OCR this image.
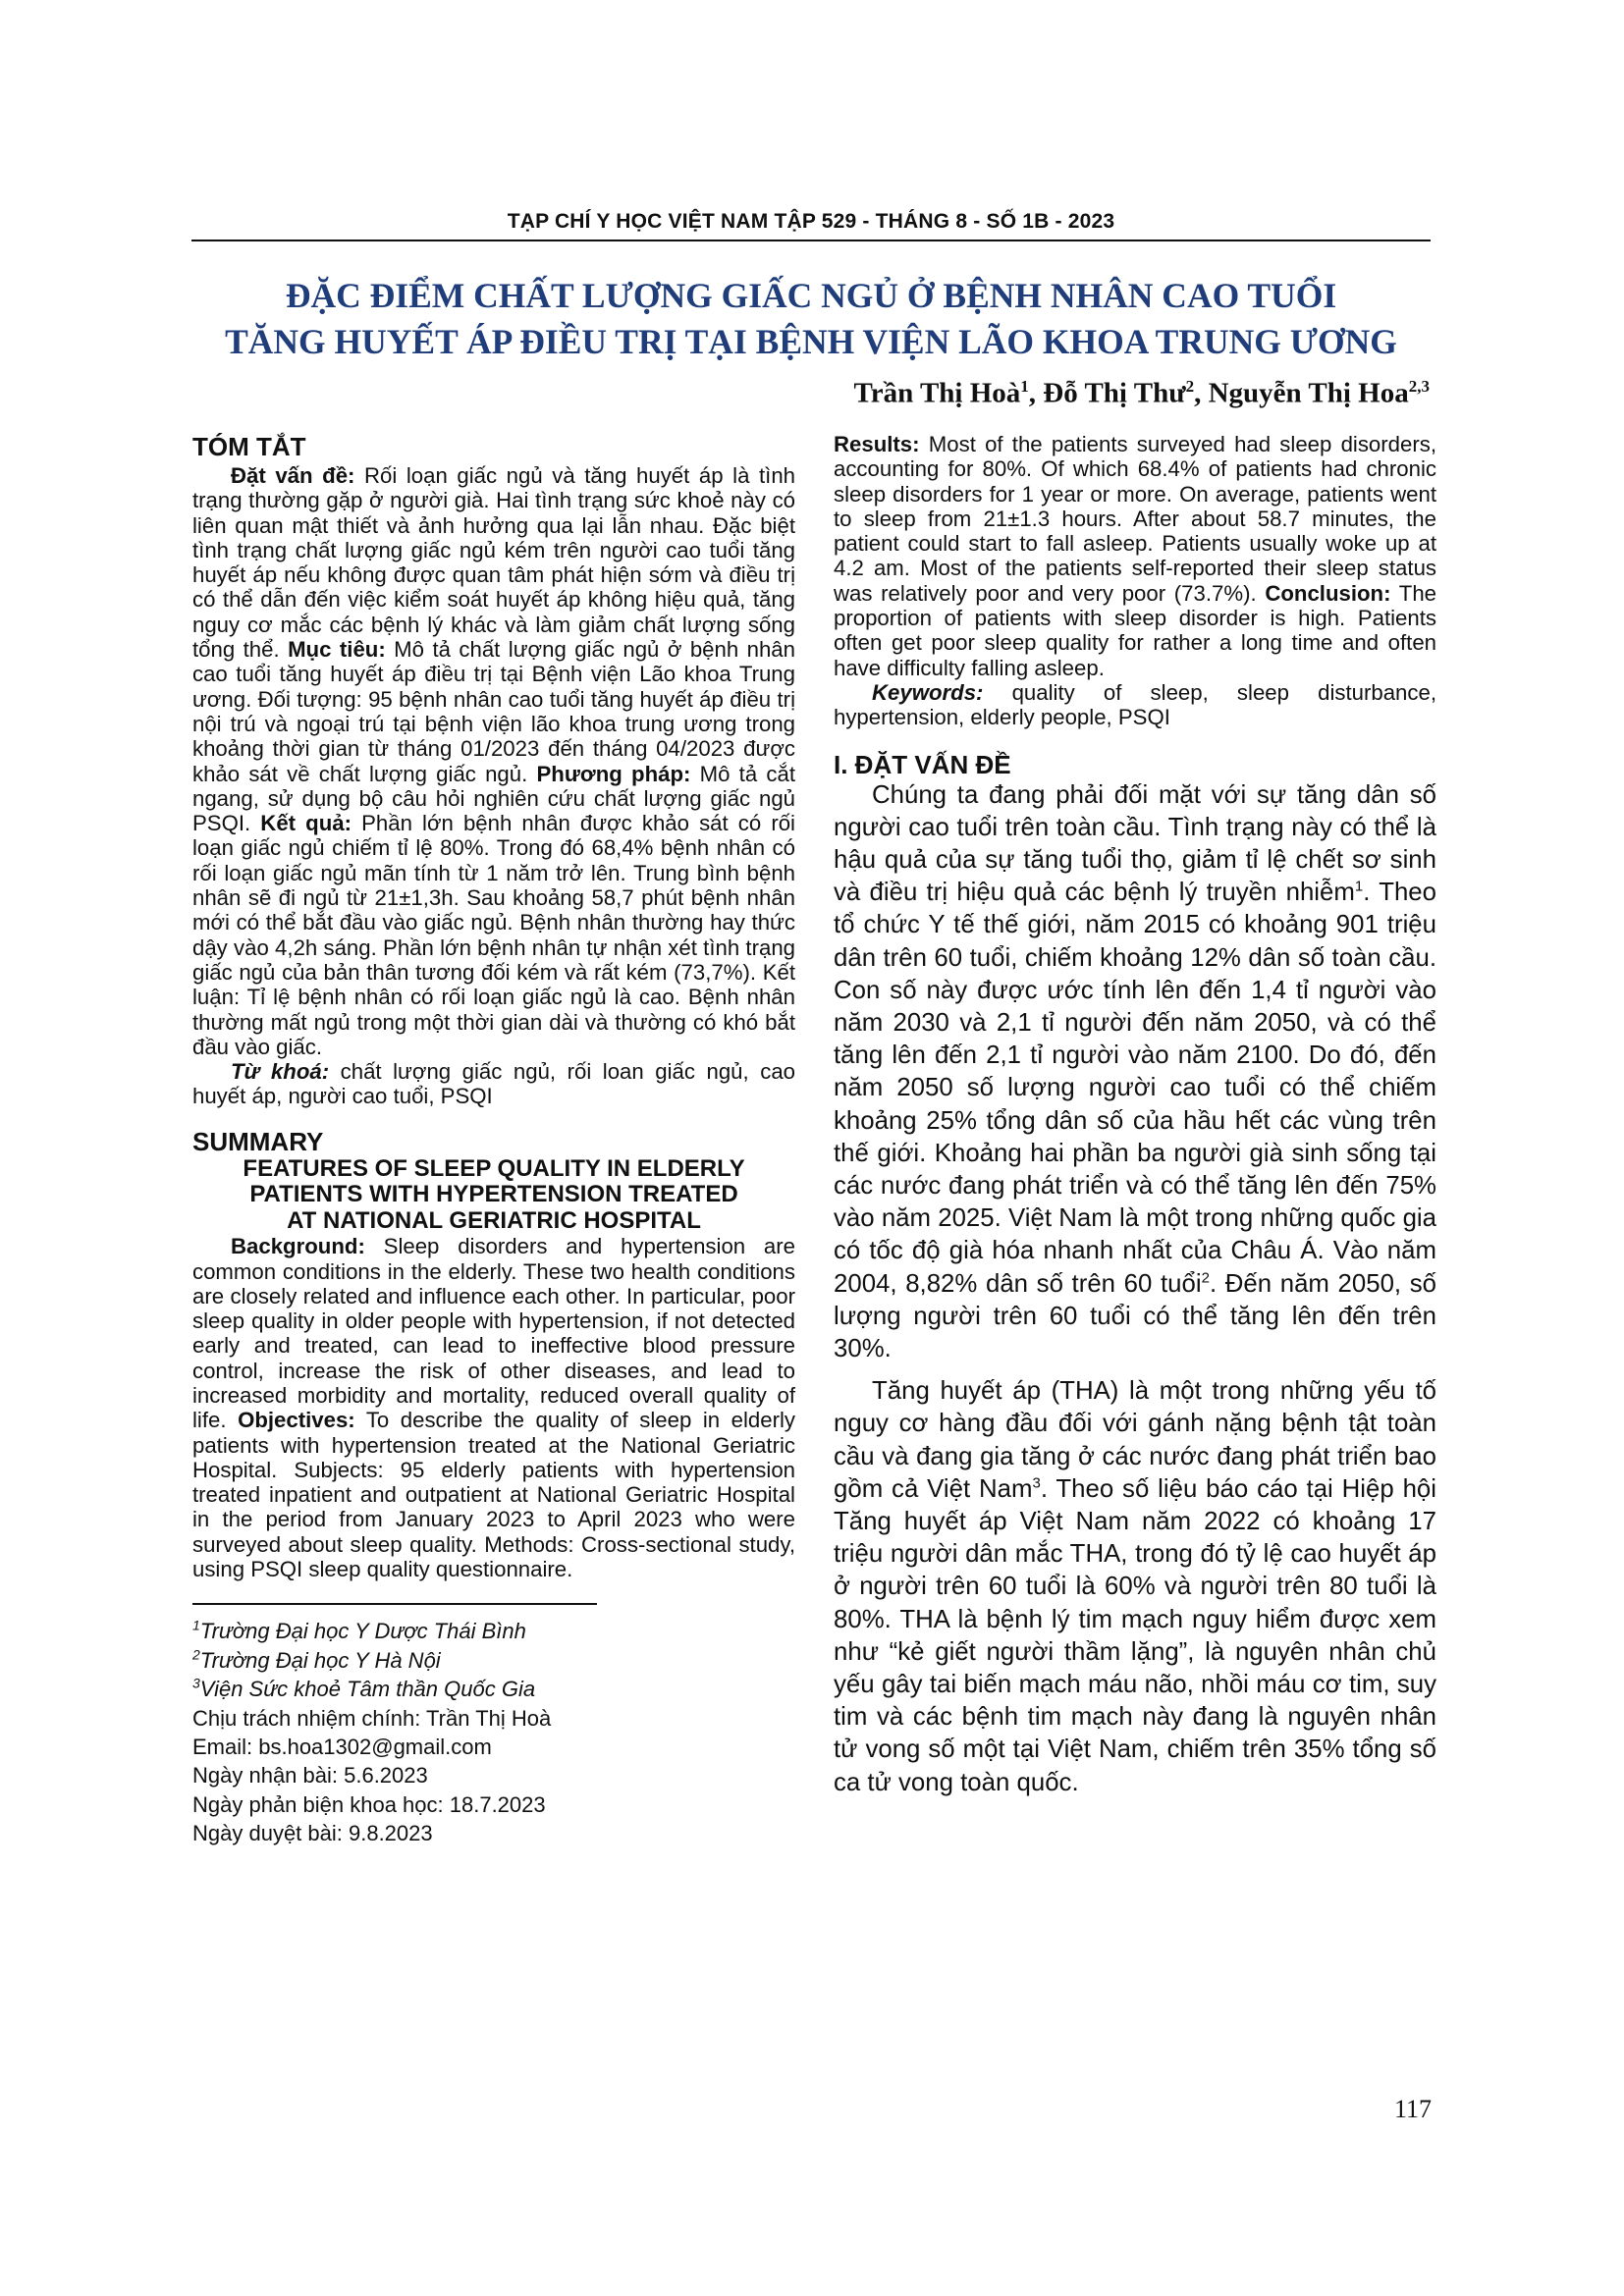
TẠP CHÍ Y HỌC VIỆT NAM TẬP 529 - THÁNG 8 - SỐ 1B - 2023
ĐẶC ĐIỂM CHẤT LƯỢNG GIẤC NGỦ Ở BỆNH NHÂN CAO TUỔI
TĂNG HUYẾT ÁP ĐIỀU TRỊ TẠI BỆNH VIỆN LÃO KHOA TRUNG ƯƠNG
Trần Thị Hoà$^1$, Đỗ Thị Thư$^2$, Nguyễn Thị Hoa$^{2,3}$
TÓM TẮT

Đặt vấn đề: Rối loạn giấc ngủ và tăng huyết áp là tình trạng thường gặp ở người già. Hai tình trạng sức khoẻ này có liên quan mật thiết và ảnh hưởng qua lại lẫn nhau. Đặc biệt tình trạng chất lượng giấc ngủ kém trên người cao tuổi tăng huyết áp nếu không được quan tâm phát hiện sớm và điều trị có thể dẫn đến việc kiểm soát huyết áp không hiệu quả, tăng nguy cơ mắc các bệnh lý khác và làm giảm chất lượng sống tổng thể. Mục tiêu: Mô tả chất lượng giấc ngủ ở bệnh nhân cao tuổi tăng huyết áp điều trị tại Bệnh viện Lão khoa Trung ương. Đối tượng: 95 bệnh nhân cao tuổi tăng huyết áp điều trị nội trú và ngoại trú tại bệnh viện lão khoa trung ương trong khoảng thời gian từ tháng 01/2023 đến tháng 04/2023 được khảo sát về chất lượng giấc ngủ. Phương pháp: Mô tả cắt ngang, sử dụng bộ câu hỏi nghiên cứu chất lượng giấc ngủ PSQI. Kết quả: Phần lớn bệnh nhân được khảo sát có rối loạn giấc ngủ chiếm tỉ lệ 80%. Trong đó 68,4% bệnh nhân có rối loạn giấc ngủ mãn tính từ 1 năm trở lên. Trung bình bệnh nhân sẽ đi ngủ từ 21±1,3h. Sau khoảng 58,7 phút bệnh nhân mới có thể bắt đầu vào giấc ngủ. Bệnh nhân thường hay thức dậy vào 4,2h sáng. Phần lớn bệnh nhân tự nhận xét tình trạng giấc ngủ của bản thân tương đối kém và rất kém (73,7%). Kết luận: Tỉ lệ bệnh nhân có rối loạn giấc ngủ là cao. Bệnh nhân thường mất ngủ trong một thời gian dài và thường có khó bắt đầu vào giấc.

Từ khoá: chất lượng giấc ngủ, rối loan giấc ngủ, cao huyết áp, người cao tuổi, PSQI

SUMMARY

FEATURES OF SLEEP QUALITY IN ELDERLY
PATIENTS WITH HYPERTENSION TREATED
AT NATIONAL GERIATRIC HOSPITAL

Background: Sleep disorders and hypertension are common conditions in the elderly. These two health conditions are closely related and influence each other. In particular, poor sleep quality in older people with hypertension, if not detected early and treated, can lead to ineffective blood pressure control, increase the risk of other diseases, and lead to increased morbidity and mortality, reduced overall quality of life. Objectives: To describe the quality of sleep in elderly patients with hypertension treated at the National Geriatric Hospital. Subjects: 95 elderly patients with hypertension treated inpatient and outpatient at National Geriatric Hospital in the period from January 2023 to April 2023 who were surveyed about sleep quality. Methods: Cross-sectional study, using PSQI sleep quality questionnaire.

$^1$Trường Đại học Y Dược Thái Bình

$^2$Trường Đại học Y Hà Nội

$^3$Viện Sức khoẻ Tâm thần Quốc Gia

Chịu trách nhiệm chính: Trần Thị Hoà

Email: bs.hoa1302@gmail.com

Ngày nhận bài: 5.6.2023

Ngày phản biện khoa học: 18.7.2023

Ngày duyệt bài: 9.8.2023

Results: Most of the patients surveyed had sleep disorders, accounting for 80%. Of which 68.4% of patients had chronic sleep disorders for 1 year or more. On average, patients went to sleep from 21±1.3 hours. After about 58.7 minutes, the patient could start to fall asleep. Patients usually woke up at 4.2 am. Most of the patients self-reported their sleep status was relatively poor and very poor (73.7%). Conclusion: The proportion of patients with sleep disorder is high. Patients often get poor sleep quality for rather a long time and often have difficulty falling asleep.

Keywords: quality of sleep, sleep disturbance, hypertension, elderly people, PSQI

I. ĐẶT VẤN ĐỀ

Chúng ta đang phải đối mặt với sự tăng dân số người cao tuổi trên toàn cầu. Tình trạng này có thể là hậu quả của sự tăng tuổi thọ, giảm tỉ lệ chết sơ sinh và điều trị hiệu quả các bệnh lý truyền nhiễm$^1$. Theo tổ chức Y tế thế giới, năm 2015 có khoảng 901 triệu dân trên 60 tuổi, chiếm khoảng 12% dân số toàn cầu. Con số này được ước tính lên đến 1,4 tỉ người vào năm 2030 và 2,1 tỉ người đến năm 2050, và có thể tăng lên đến 2,1 tỉ người vào năm 2100. Do đó, đến năm 2050 số lượng người cao tuổi có thể chiếm khoảng 25% tổng dân số của hầu hết các vùng trên thế giới. Khoảng hai phần ba người già sinh sống tại các nước đang phát triển và có thể tăng lên đến 75% vào năm 2025. Việt Nam là một trong những quốc gia có tốc độ già hóa nhanh nhất của Châu Á. Vào năm 2004, 8,82% dân số trên 60 tuổi$^2$. Đến năm 2050, số lượng người trên 60 tuổi có thể tăng lên đến trên 30%.

Tăng huyết áp (THA) là một trong những yếu tố nguy cơ hàng đầu đối với gánh nặng bệnh tật toàn cầu và đang gia tăng ở các nước đang phát triển bao gồm cả Việt Nam$^3$. Theo số liệu báo cáo tại Hiệp hội Tăng huyết áp Việt Nam năm 2022 có khoảng 17 triệu người dân mắc THA, trong đó tỷ lệ cao huyết áp ở người trên 60 tuổi là 60% và người trên 80 tuổi là 80%. THA là bệnh lý tim mạch nguy hiểm được xem như “kẻ giết người thầm lặng”, là nguyên nhân chủ yếu gây tai biến mạch máu não, nhồi máu cơ tim, suy tim và các bệnh tim mạch này đang là nguyên nhân tử vong số một tại Việt Nam, chiếm trên 35% tổng số ca tử vong toàn quốc.

117
